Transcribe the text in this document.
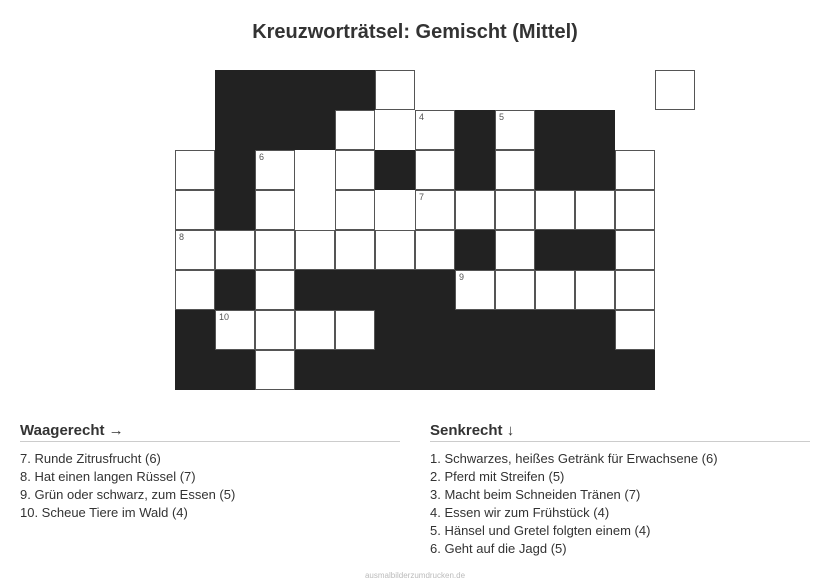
Kreuzworträtsel: Gemischt (Mittel)
4	5
6
7
8
9
10
Waagerecht →
7. Runde Zitrusfrucht (6)
8. Hat einen langen Rüssel (7)
9. Grün oder schwarz, zum Essen (5)
10. Scheue Tiere im Wald (4)
Senkrecht ↓
1. Schwarzes, heißes Getränk für Erwachsene (6)
2. Pferd mit Streifen (5)
3. Macht beim Schneiden Tränen (7)
4. Essen wir zum Frühstück (4)
5. Hänsel und Gretel folgten einem (4)
6. Geht auf die Jagd (5)
ausmalbilderzumdrucken.de
